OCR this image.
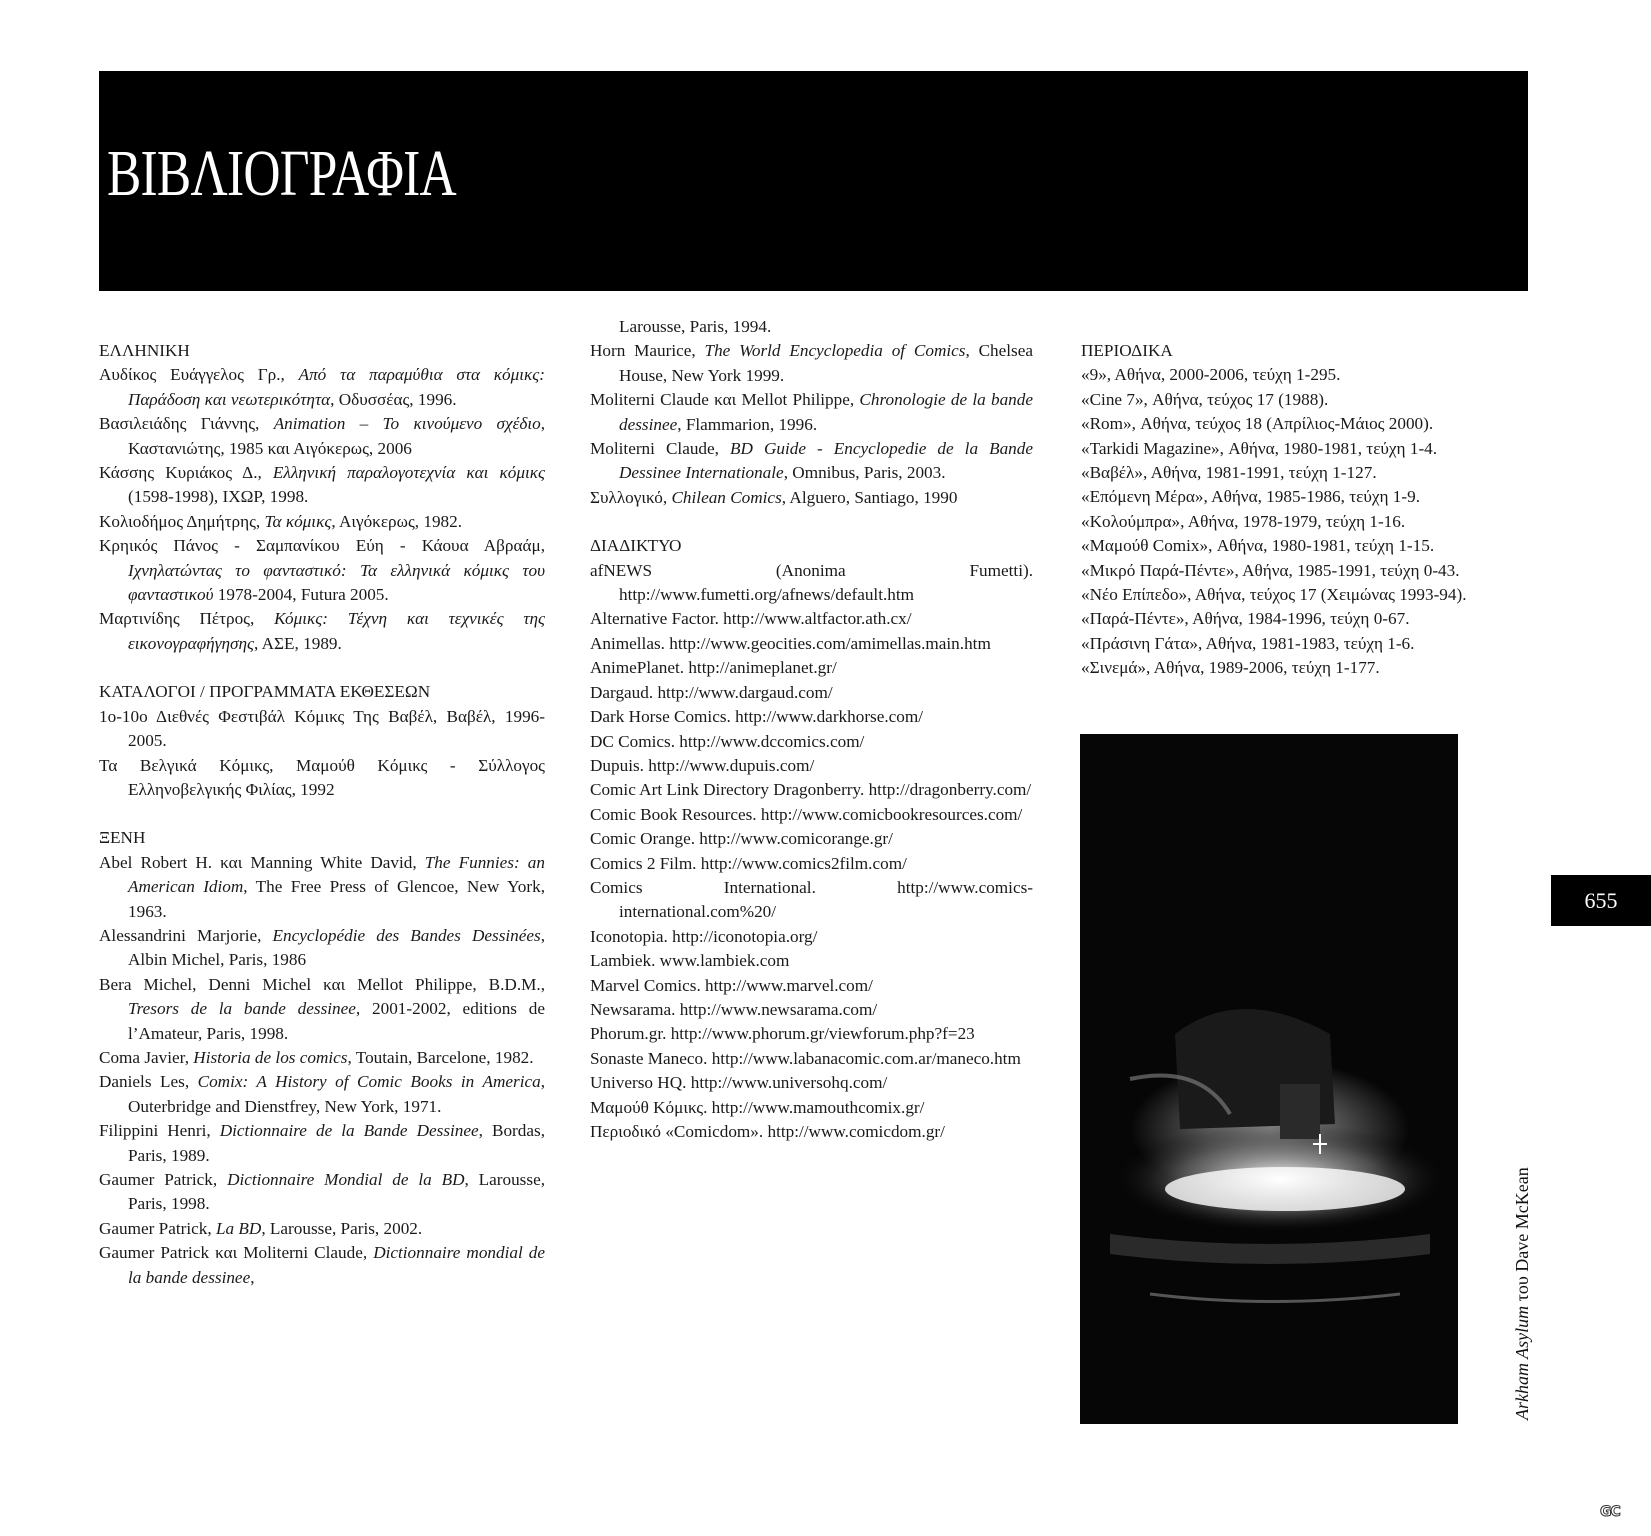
ΒΙΒΛΙΟΓΡΑΦΙΑ

ΕΛΛΗΝΙΚΗ

Αυδίκος Ευάγγελος Γρ., Από τα παραμύθια στα κόμικς: Παράδοση και νεωτερικότητα, Οδυσσέας, 1996.

Βασιλειάδης Γιάννης, Animation – Το κινούμενο σχέδιο, Καστανιώτης, 1985 και Αιγόκερως, 2006

Κάσσης Κυριάκος Δ., Ελληνική παραλογοτεχνία και κόμικς (1598-1998), ΙΧΩΡ, 1998.

Κολιοδήμος Δημήτρης, Τα κόμικς, Αιγόκερως, 1982.

Κρηικός Πάνος - Σαμπανίκου Εύη - Κάουα Αβραάμ, Ιχνηλατώντας το φανταστικό: Τα ελληνικά κόμικς του φανταστικού 1978-2004, Futura 2005.

Μαρτινίδης Πέτρος, Κόμικς: Τέχνη και τεχνικές της εικονογραφήγησης, ΑΣΕ, 1989.

ΚΑΤΑΛΟΓΟΙ / ΠΡΟΓΡΑΜΜΑΤΑ ΕΚΘΕΣΕΩΝ

1ο-10ο Διεθνές Φεστιβάλ Κόμικς Της Βαβέλ, Βαβέλ, 1996-2005.

Τα Βελγικά Κόμικς, Μαμούθ Κόμικς - Σύλλογος Ελληνοβελγικής Φιλίας, 1992

ΞΕΝΗ

Abel Robert H. και Manning White David, The Funnies: an American Idiom, The Free Press of Glencoe, New York, 1963.

Alessandrini Marjorie, Encyclopédie des Bandes Dessinées, Albin Michel, Paris, 1986

Bera Michel, Denni Michel και Mellot Philippe, B.D.M., Tresors de la bande dessinee, 2001-2002, editions de l’Amateur, Paris, 1998.

Coma Javier, Historia de los comics, Toutain, Barcelone, 1982.

Daniels Les, Comix: A History of Comic Books in America, Outerbridge and Dienstfrey, New York, 1971.

Filippini Henri, Dictionnaire de la Bande Dessinee, Bordas, Paris, 1989.

Gaumer Patrick, Dictionnaire Mondial de la BD, Larousse, Paris, 1998.

Gaumer Patrick, La BD, Larousse, Paris, 2002.

Gaumer Patrick και Moliterni Claude, Dictionnaire mondial de la bande dessinee,

Larousse, Paris, 1994.

Horn Maurice, The World Encyclopedia of Comics, Chelsea House, New York 1999.

Moliterni Claude και Mellot Philippe, Chronologie de la bande dessinee, Flammarion, 1996.

Moliterni Claude, BD Guide - Encyclopedie de la Bande Dessinee Internationale, Omnibus, Paris, 2003.

Συλλογικό, Chilean Comics, Alguero, Santiago, 1990

ΔΙΑΔΙΚΤΥΟ

afNEWS (Anonima Fumetti). http://www.fumetti.org/afnews/default.htm

Alternative Factor. http://www.altfactor.ath.cx/

Animellas. http://www.geocities.com/amimellas.main.htm

AnimePlanet. http://animeplanet.gr/

Dargaud. http://www.dargaud.com/

Dark Horse Comics. http://www.darkhorse.com/

DC Comics. http://www.dccomics.com/

Dupuis. http://www.dupuis.com/

Comic Art Link Directory Dragonberry. http://dragonberry.com/

Comic Book Resources. http://www.comicbookresources.com/

Comic Orange. http://www.comicorange.gr/

Comics 2 Film. http://www.comics2film.com/

Comics International. http://www.comics-international.com%20/

Iconotopia. http://iconotopia.org/

Lambiek. www.lambiek.com

Marvel Comics. http://www.marvel.com/

Newsarama. http://www.newsarama.com/

Phorum.gr. http://www.phorum.gr/viewforum.php?f=23

Sonaste Maneco. http://www.labanacomic.com.ar/maneco.htm

Universo HQ. http://www.universohq.com/

Μαμούθ Κόμικς. http://www.mamouthcomix.gr/

Περιοδικό «Comicdom». http://www.comicdom.gr/

ΠΕΡΙΟΔΙΚΑ

«9», Αθήνα, 2000-2006, τεύχη 1-295.

«Cine 7», Αθήνα, τεύχος 17 (1988).

«Rom», Αθήνα, τεύχος 18 (Απρίλιος-Μάιος 2000).

«Tarkidi Magazine», Αθήνα, 1980-1981, τεύχη 1-4.

«Βαβέλ», Αθήνα, 1981-1991, τεύχη 1-127.

«Επόμενη Μέρα», Αθήνα, 1985-1986, τεύχη 1-9.

«Κολούμπρα», Αθήνα, 1978-1979, τεύχη 1-16.

«Μαμούθ Comix», Αθήνα, 1980-1981, τεύχη 1-15.

«Μικρό Παρά-Πέντε», Αθήνα, 1985-1991, τεύχη 0-43.

«Νέο Επίπεδο», Αθήνα, τεύχος 17 (Χειμώνας 1993-94).

«Παρά-Πέντε», Αθήνα, 1984-1996, τεύχη 0-67.

«Πράσινη Γάτα», Αθήνα, 1981-1983, τεύχη 1-6.

«Σινεμά», Αθήνα, 1989-2006, τεύχη 1-177.

Arkham Asylum του Dave McKean
655
GC
